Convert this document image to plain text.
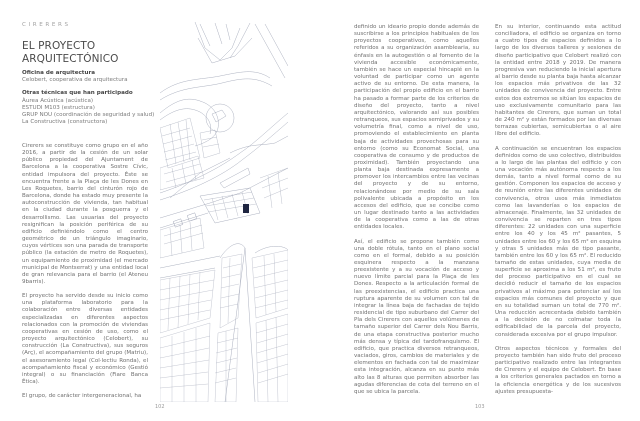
CIRERERS
EL PROYECTO ARQUITECTÓNICO
Oficina de arquitectura
Celobert, cooperativa de arquitectura
Otras técnicas que han participado
Àurea Acústica (acústica)
ESTUDI M103 (estructura)
GRUP NOU (coordinación de seguridad y salud)
La Constructiva (constructora)

Cirerers se constituye como grupo en el año 2016, a partir de la cesión de un solar público propiedad del Ajuntament de Barcelona a la cooperativa Sostre Cívic, entidad impulsora del proyecto. Éste se encuentra frente a la Plaça de les Dones en Les Roquetes, barrio del cinturón rojo de Barcelona, donde ha estado muy presente la autoconstrucción de vivienda, tan habitual en la ciudad durante la posguerra y el desarrollismo. Las usuarias del proyecto resignifican la posición periférica de su edificio definiéndolo como el centro geométrico de un triángulo imaginario, cuyos vértices son una parada de transporte público (la estación de metro de Roquetes), un equipamiento de proximidad (el mercado municipal de Montserrat) y una entidad local de gran relevancia para el barrio (el Ateneu 9barris).

El proyecto ha servido desde su inicio como una plataforma laboratorio para la colaboración entre diversas entidades especializadas en diferentes aspectos relacionados con la promoción de viviendas cooperativas en cesión de uso, como el proyecto arquitectónico (Celobert), su construcción (La Constructiva), sus seguros (Arç), el acompañamiento del grupo (Matriu), el asesoramiento legal (Col·lectiu Ronda), el acompañamiento fiscal y económico (Gestió integral) o su financiación (Fiare Banca Ética).

El grupo, de carácter intergeneracional, ha

102

definido un ideario propio donde además de suscribirse a los principios habituales de los proyectos cooperativos, como aquellos referidos a su organización asamblearia, su énfasis en la autogestión o al fomento de la vivienda accesible económicamente, también se hace un especial hincapié en la voluntad de participar como un agente activo de su entorno. De esta manera, la participación del propio edificio en el barrio ha pasado a formar parte de los criterios de diseño del proyecto, tanto a nivel arquitectónico, valorando así sus posibles retranqueos, sus espacios semiprivados y su volumetría final, como a nivel de uso, promoviendo el establecimiento en planta baja de actividades provechosas para su entorno (como su Economat Social, una cooperativa de consumo y de productos de proximidad). También proyectando una planta baja destinada expresamente a promover los intercambios entre las vecinas del proyecto y de su entorno, relacionándose por medio de su sala polivalente ubicada a propósito en los accesos del edificio, que se concibe como un lugar destinado tanto a las actividades de la cooperativa como a las de otras entidades locales.

Así, el edificio se propone también como una doble rótula, tanto en el plano social como en el formal, debido a su posición esquinera respecto a la manzana preexistente y a su vocación de acceso y nuevo límite parcial para la Plaça de les Dones. Respecto a la articulación formal de las preexistencias, el edificio practica una ruptura aparente de su volumen con tal de integrar la línea baja de fachadas de tejido residencial de tipo suburbano del Carrer del Pla dels Cirerers con aquellos volúmenes de tamaño superior del Carrer dels Nou Barris, de una etapa constructiva posterior mucho más densa y típica del tardofranquismo. El edificio, que practica diversos retranqueos, vaciados, giros, cambios de materiales y de elementos en fachada con tal de maximizar esta integración, alcanza en su punto más alto las 8 alturas que permiten absorber las agudas diferencias de cota del terreno en el que se ubica la parcela.

En su interior, continuando esta actitud conciliadora, el edificio se organiza en torno a cuatro tipos de espacios definidos a lo largo de los diversos talleres y sesiones de diseño participativo que Celobert realizó con la entidad entre 2018 y 2019. De manera progresiva van reduciendo la inicial apertura al barrio desde su planta baja hasta alcanzar los espacios más privativos de las 32 unidades de convivencia del proyecto. Entre estos dos extremos se sitúan los espacios de uso exclusivamente comunitario para las habitantes de Cirerers, que suman un total de 240 m² y están formados por las diversas terrazas cubiertas, semicubiertas o al aire libre del edificio.

A continuación se encuentran los espacios definidos como de uso colectivo, distribuidos a lo largo de las plantas del edificio y con una vocación más autónoma respecto a los demás, tanto a nivel formal como de su gestión. Componen los espacios de acceso y de reunión entre las diferentes unidades de convivencia, otros usos más inmediatos como las lavanderías o los espacios de almacenaje. Finalmente, las 32 unidades de convivencia se reparten en tres tipos diferentes: 22 unidades con una superficie entre los 40 y los 45 m² pasantes, 5 unidades entre los 60 y los 65 m² en esquina y otras 5 unidades más de tipo pasante, también entre los 60 y los 65 m². El reducido tamaño de estas unidades, cuya media de superficie se aproxima a los 51 m², es fruto del proceso participativo en el cual se decidió reducir el tamaño de los espacios privativos al máximo para potenciar así los espacios más comunes del proyecto y que en su totalidad suman un total de 770 m². Una reducción acrecentada debido también a la decisión de no colmatar toda la edificabilidad de la parcela del proyecto, considerada excesiva por el grupo impulsor.

Otros aspectos técnicos y formales del proyecto también han sido fruto del proceso participativo realizado entre las integrantes de Cirerers y el equipo de Celobert. En base a los criterios generales pactados en torno a la eficiencia energética y de los sucesivos ajustes presupuesta-

103
